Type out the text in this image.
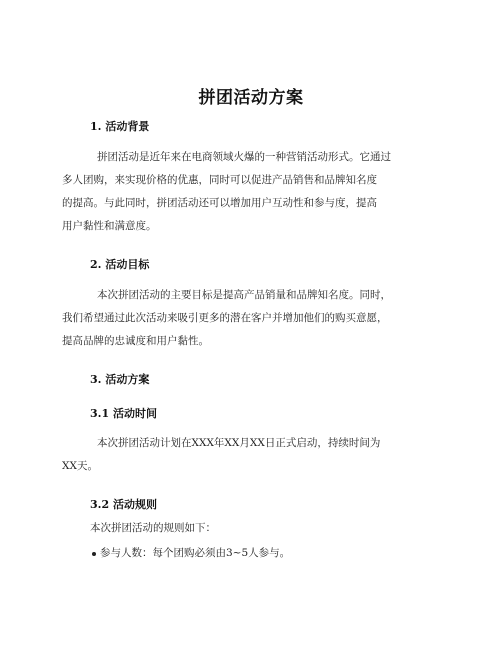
拼团活动方案
1. 活动背景
拼团活动是近年来在电商领域火爆的一种营销活动形式。它通过
多人团购，来实现价格的优惠，同时可以促进产品销售和品牌知名度
的提高。与此同时，拼团活动还可以增加用户互动性和参与度，提高
用户黏性和满意度。
2. 活动目标
本次拼团活动的主要目标是提高产品销量和品牌知名度。同时，
我们希望通过此次活动来吸引更多的潜在客户并增加他们的购买意愿，
提高品牌的忠诚度和用户黏性。
3. 活动方案
3.1 活动时间
本次拼团活动计划在XXX年XX月XX日正式启动，持续时间为
XX天。
3.2 活动规则
本次拼团活动的规则如下：
参与人数：每个团购必须由3~5人参与。
